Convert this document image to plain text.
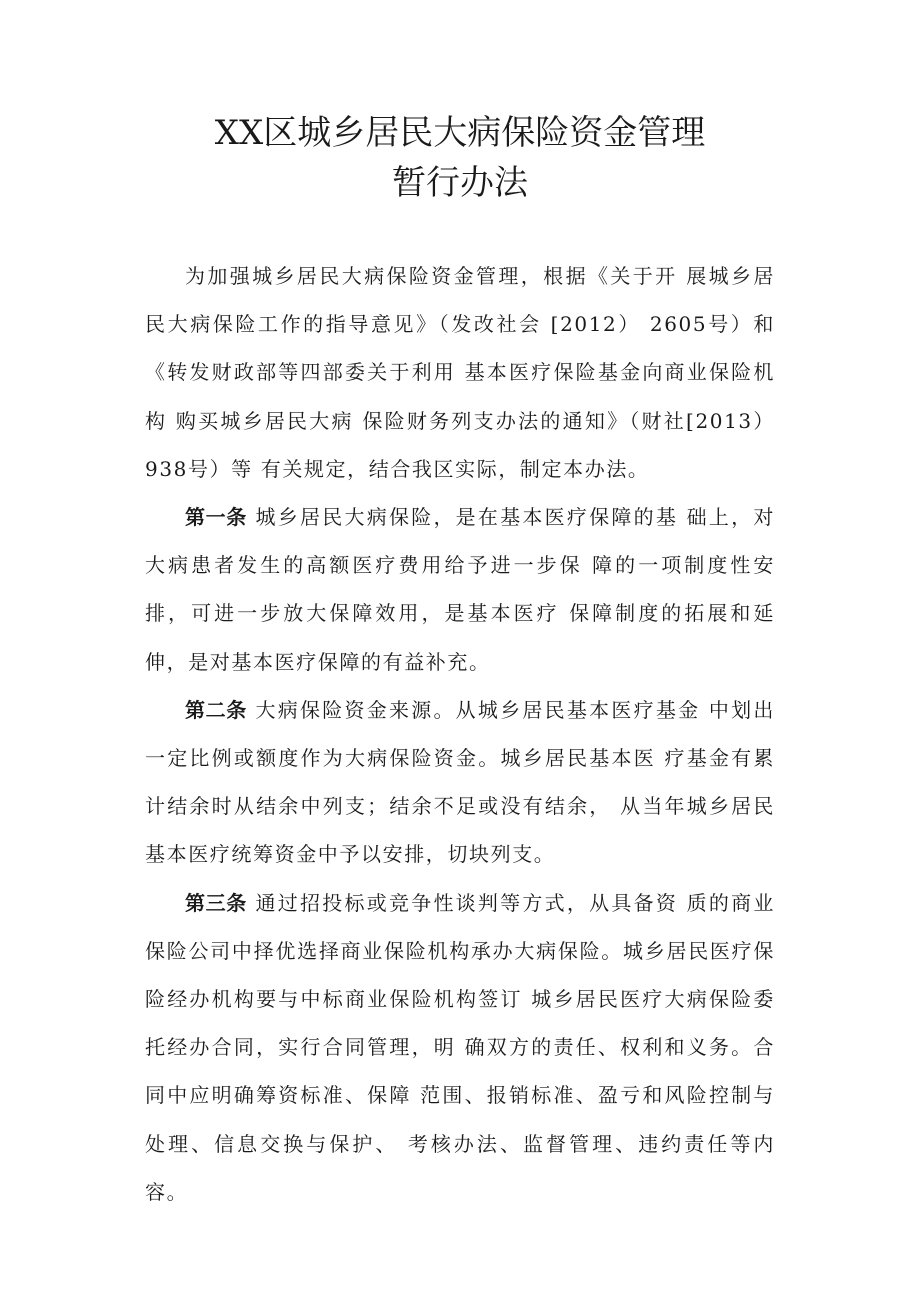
XX区城乡居民大病保险资金管理
暂行办法

为加强城乡居民大病保险资金管理，根据《关于开 展城乡居民大病保险工作的指导意见》（发改社会 [2012） 2605号）和《转发财政部等四部委关于利用 基本医疗保险基金向商业保险机构 购买城乡居民大病 保险财务列支办法的通知》（财社[2013）938号）等 有关规定，结合我区实际，制定本办法。

第一条 城乡居民大病保险，是在基本医疗保障的基 础上，对大病患者发生的高额医疗费用给予进一步保 障的一项制度性安排，可进一步放大保障效用，是基本医疗 保障制度的拓展和延伸，是对基本医疗保障的有益补充。

第二条 大病保险资金来源。从城乡居民基本医疗基金 中划出一定比例或额度作为大病保险资金。城乡居民基本医 疗基金有累计结余时从结余中列支；结余不足或没有结余， 从当年城乡居民基本医疗统筹资金中予以安排，切块列支。

第三条 通过招投标或竞争性谈判等方式，从具备资 质的商业保险公司中择优选择商业保险机构承办大病保险。城乡居民医疗保险经办机构要与中标商业保险机构签订 城乡居民医疗大病保险委托经办合同，实行合同管理，明 确双方的责任、权利和义务。合同中应明确筹资标准、保障 范围、报销标准、盈亏和风险控制与处理、信息交换与保护、 考核办法、监督管理、违约责任等内容。
